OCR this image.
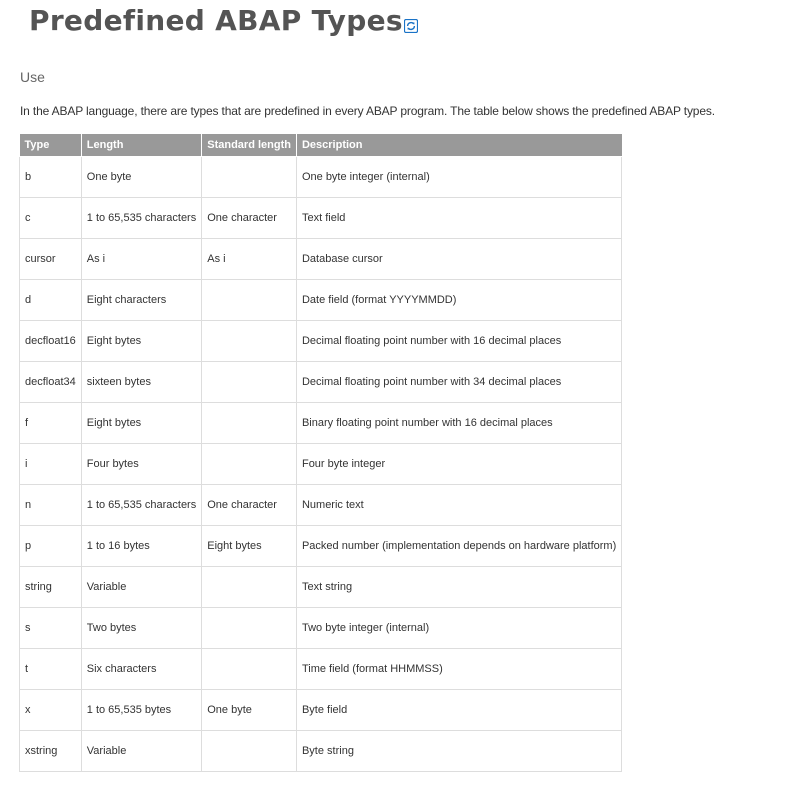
Predefined ABAP Types
Use

In the ABAP language, there are types that are predefined in every ABAP program. The table below shows the predefined ABAP types.

Type	Length	Standard length	Description
b	One byte		One byte integer (internal)
c	1 to 65,535 characters	One character	Text field
cursor	As i	As i	Database cursor
d	Eight characters		Date field (format YYYYMMDD)
decfloat16	Eight bytes		Decimal floating point number with 16 decimal places
decfloat34	sixteen bytes		Decimal floating point number with 34 decimal places
f	Eight bytes		Binary floating point number with 16 decimal places
i	Four bytes		Four byte integer
n	1 to 65,535 characters	One character	Numeric text
p	1 to 16 bytes	Eight bytes	Packed number (implementation depends on hardware platform)
string	Variable		Text string
s	Two bytes		Two byte integer (internal)
t	Six characters		Time field (format HHMMSS)
x	1 to 65,535 bytes	One byte	Byte field
xstring	Variable		Byte string
